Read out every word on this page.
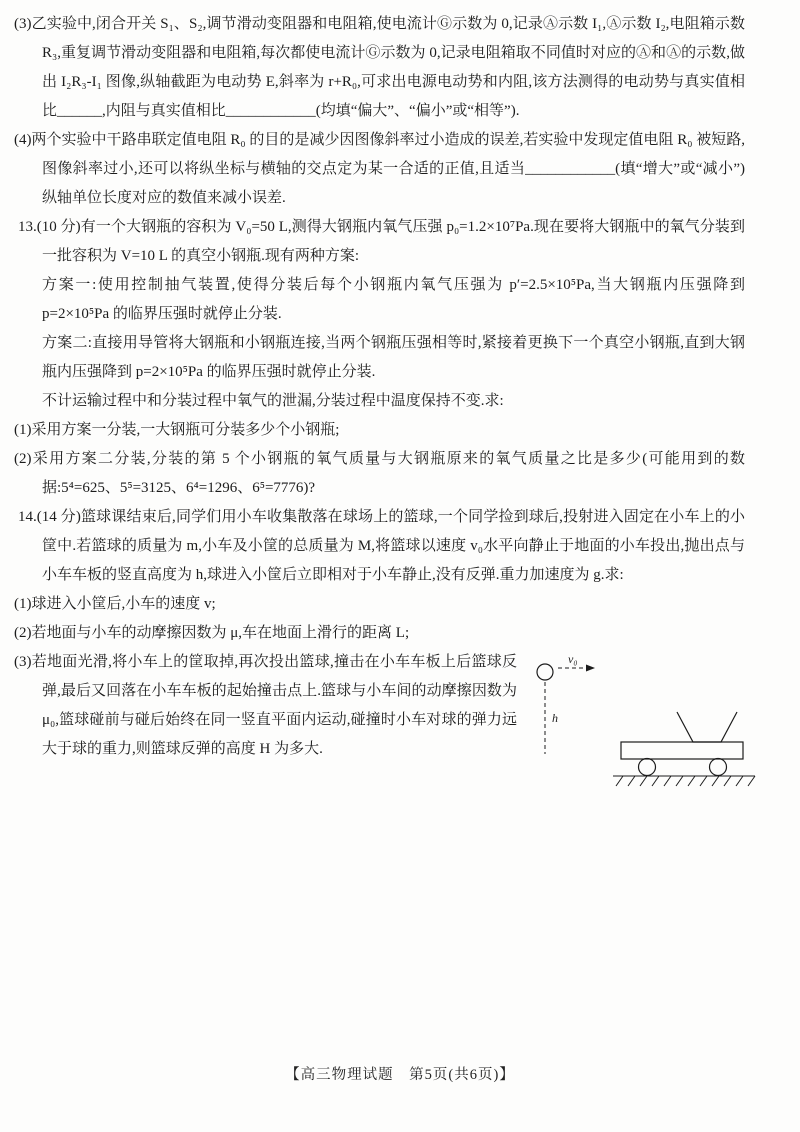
(3)乙实验中,闭合开关 S₁、S₂,调节滑动变阻器和电阻箱,使电流计Ⓖ示数为 0,记录Ⓐ示数 I₁,Ⓐ示数 I₂,电阻箱示数 R₃,重复调节滑动变阻器和电阻箱,每次都使电流计Ⓖ示数为 0,记录电阻箱取不同值时对应的Ⓐ和Ⓐ的示数,做出 I₂R₃-I₁ 图像,纵轴截距为电动势 E,斜率为 r+R₀,可求出电源电动势和内阻,该方法测得的电动势与真实值相比______,内阻与真实值相比____________(均填“偏大”、“偏小”或“相等”).

(4)两个实验中干路串联定值电阻 R₀ 的目的是减少因图像斜率过小造成的误差,若实验中发现定值电阻 R₀ 被短路,图像斜率过小,还可以将纵坐标与横轴的交点定为某一合适的正值,且适当____________(填“增大”或“减小”)纵轴单位长度对应的数值来减小误差.

13.(10 分)有一个大钢瓶的容积为 V₀=50 L,测得大钢瓶内氧气压强 p₀=1.2×10⁷Pa.现在要将大钢瓶中的氧气分装到一批容积为 V=10 L 的真空小钢瓶.现有两种方案:

方案一:使用控制抽气装置,使得分装后每个小钢瓶内氧气压强为 p′=2.5×10⁵Pa,当大钢瓶内压强降到 p=2×10⁵Pa 的临界压强时就停止分装.

方案二:直接用导管将大钢瓶和小钢瓶连接,当两个钢瓶压强相等时,紧接着更换下一个真空小钢瓶,直到大钢瓶内压强降到 p=2×10⁵Pa 的临界压强时就停止分装.

不计运输过程中和分装过程中氧气的泄漏,分装过程中温度保持不变.求:

(1)采用方案一分装,一大钢瓶可分装多少个小钢瓶;

(2)采用方案二分装,分装的第 5 个小钢瓶的氧气质量与大钢瓶原来的氧气质量之比是多少(可能用到的数据:5⁴=625、5⁵=3125、6⁴=1296、6⁵=7776)?

14.(14 分)篮球课结束后,同学们用小车收集散落在球场上的篮球,一个同学捡到球后,投射进入固定在小车上的小筐中.若篮球的质量为 m,小车及小筐的总质量为 M,将篮球以速度 v₀水平向静止于地面的小车投出,抛出点与小车车板的竖直高度为 h,球进入小筐后立即相对于小车静止,没有反弹.重力加速度为 g.求:

(1)球进入小筐后,小车的速度 v;

(2)若地面与小车的动摩擦因数为 μ,车在地面上滑行的距离 L;

v₀
h

(3)若地面光滑,将小车上的筐取掉,再次投出篮球,撞击在小车车板上后篮球反弹,最后又回落在小车车板的起始撞击点上.篮球与小车间的动摩擦因数为 μ₀,篮球碰前与碰后始终在同一竖直平面内运动,碰撞时小车对球的弹力远大于球的重力,则篮球反弹的高度 H 为多大.

【高三物理试题　第5页(共6页)】
